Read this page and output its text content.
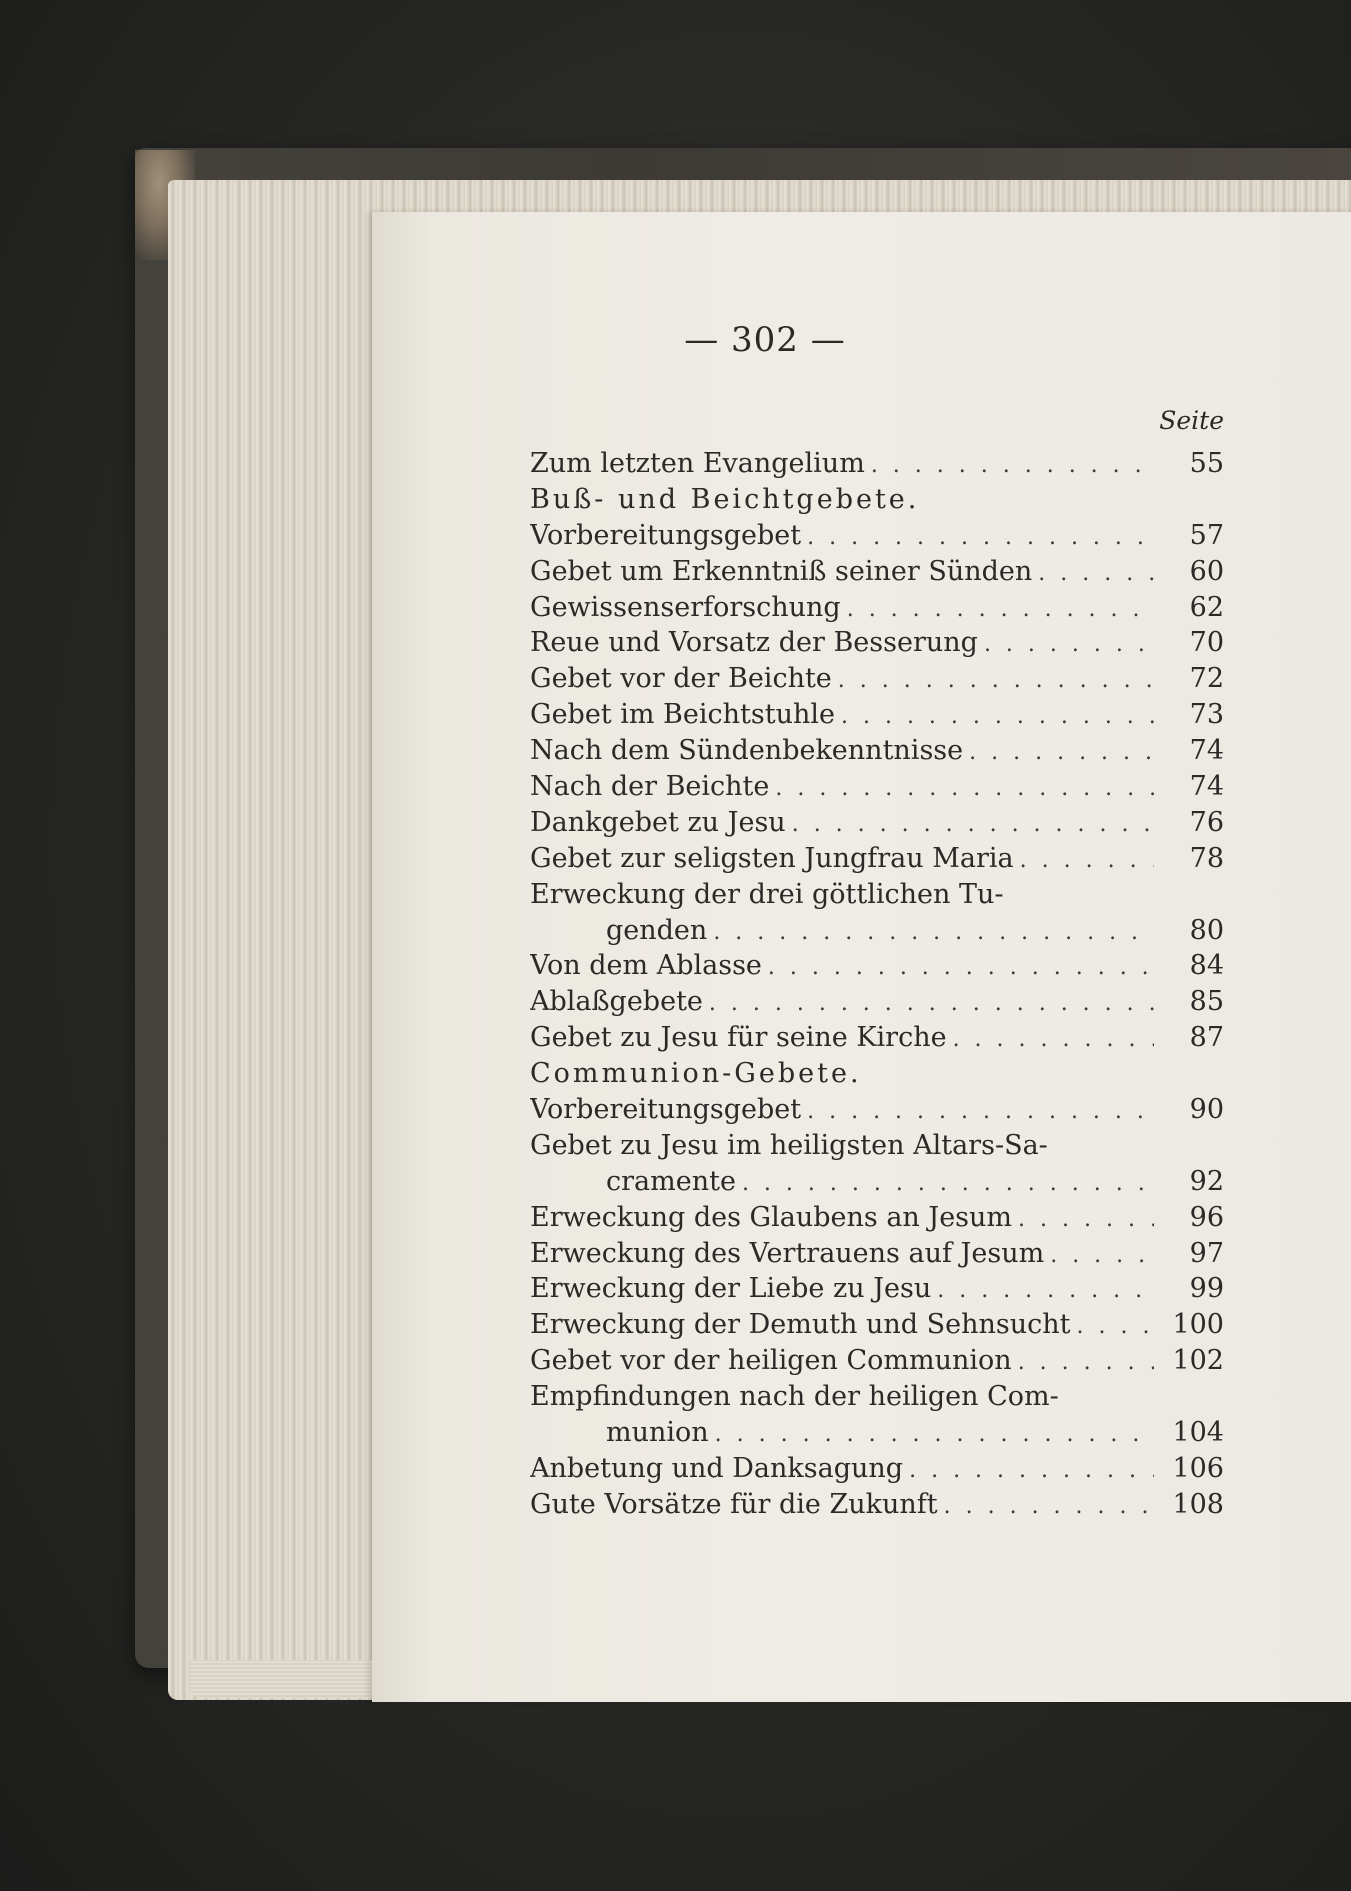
— 302 —
Seite
Zum letzten Evangelium . . .	55
Buß- und Beichtgebete.
Vorbereitungsgebet . . .	57
Gebet um Erkenntniß seiner Sünden . . .	60
Gewissenserforschung . . .	62
Reue und Vorsatz der Besserung . . .	70
Gebet vor der Beichte . . .	72
Gebet im Beichtstuhle . . .	73
Nach dem Sündenbekenntnisse . . .	74
Nach der Beichte . . .	74
Dankgebet zu Jesu . . .	76
Gebet zur seligsten Jungfrau Maria . . .	78
Erweckung der drei göttlichen Tu-
genden . . .	80
Von dem Ablasse . . .	84
Ablaßgebete . . .	85
Gebet zu Jesu für seine Kirche . . .	87
Communion-Gebete.
Vorbereitungsgebet . . .	90
Gebet zu Jesu im heiligsten Altars-Sa-
cramente . . .	92
Erweckung des Glaubens an Jesum . . .	96
Erweckung des Vertrauens auf Jesum . . .	97
Erweckung der Liebe zu Jesu . . .	99
Erweckung der Demuth und Sehnsucht . . .	100
Gebet vor der heiligen Communion . . .	102
Empfindungen nach der heiligen Com-
munion . . .	104
Anbetung und Danksagung . . .	106
Gute Vorsätze für die Zukunft . . .	108
